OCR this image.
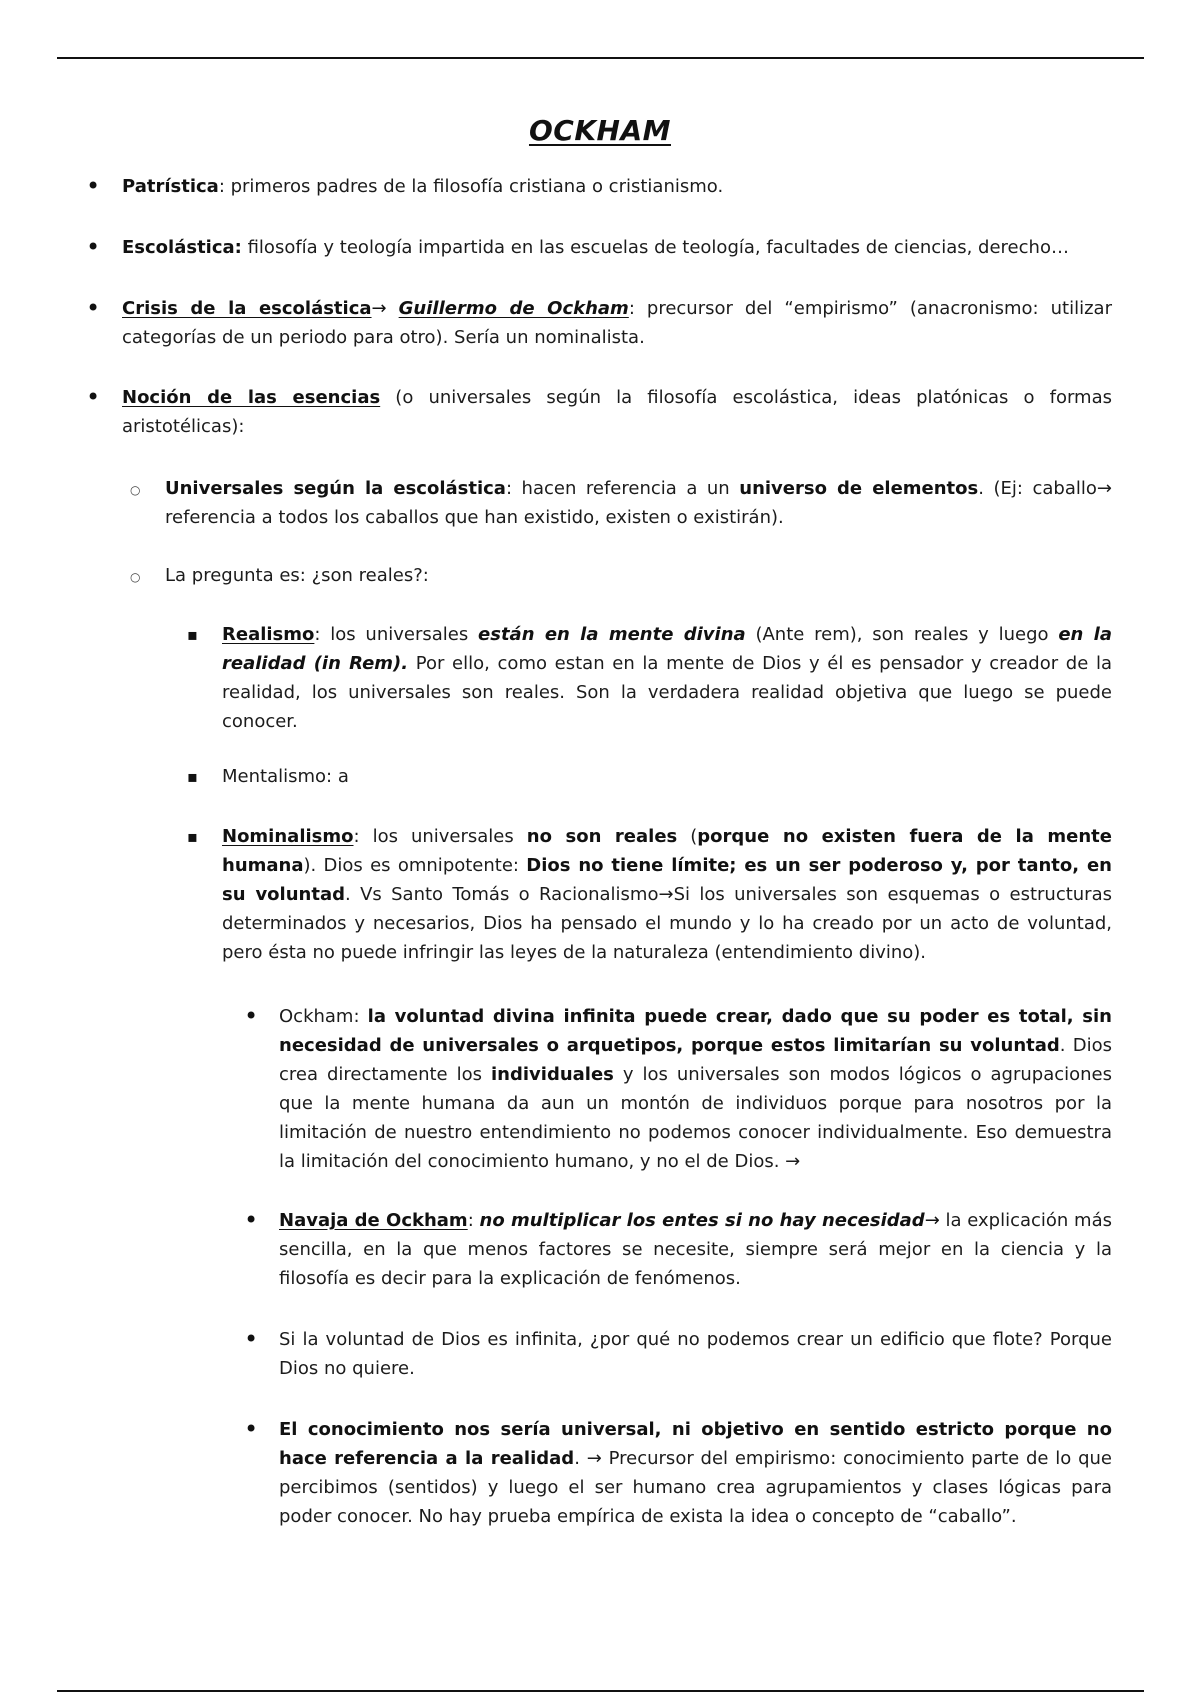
OCKHAM
•
Patrística: primeros padres de la filosofía cristiana o cristianismo.
•
Escolástica: filosofía y teología impartida en las escuelas de teología, facultades de ciencias, derecho…
•
Crisis de la escolástica→ Guillermo de Ockham: precursor del “empirismo” (anacronismo: utilizar categorías de un periodo para otro). Sería un nominalista.
•
Noción de las esencias (o universales según la filosofía escolástica, ideas platónicas o formas aristotélicas):
○
Universales según la escolástica: hacen referencia a un universo de elementos. (Ej: caballo→ referencia a todos los caballos que han existido, existen o existirán).
○
La pregunta es: ¿son reales?:
▪
Realismo: los universales están en la mente divina (Ante rem), son reales y luego en la realidad (in Rem). Por ello, como estan en la mente de Dios y él es pensador y creador de la realidad, los universales son reales. Son la verdadera realidad objetiva que luego se puede conocer.
▪
Mentalismo: a
▪
Nominalismo: los universales no son reales (porque no existen fuera de la mente humana). Dios es omnipotente: Dios no tiene límite; es un ser poderoso y, por tanto, en su voluntad. Vs Santo Tomás o Racionalismo→Si los universales son esquemas o estructuras determinados y necesarios, Dios ha pensado el mundo y lo ha creado por un acto de voluntad, pero ésta no puede infringir las leyes de la naturaleza (entendimiento divino).
•
Ockham: la voluntad divina infinita puede crear, dado que su poder es total, sin necesidad de universales o arquetipos, porque estos limitarían su voluntad. Dios crea directamente los individuales y los universales son modos lógicos o agrupaciones que la mente humana da aun un montón de individuos porque para nosotros por la limitación de nuestro entendimiento no podemos conocer individualmente. Eso demuestra la limitación del conocimiento humano, y no el de Dios. →
•
Navaja de Ockham: no multiplicar los entes si no hay necesidad→ la explicación más sencilla, en la que menos factores se necesite, siempre será mejor en la ciencia y la filosofía es decir para la explicación de fenómenos.
•
Si la voluntad de Dios es infinita, ¿por qué no podemos crear un edificio que flote? Porque Dios no quiere.
•
El conocimiento nos sería universal, ni objetivo en sentido estricto porque no hace referencia a la realidad. → Precursor del empirismo: conocimiento parte de lo que percibimos (sentidos) y luego el ser humano crea agrupamientos y clases lógicas para poder conocer. No hay prueba empírica de exista la idea o concepto de “caballo”.
